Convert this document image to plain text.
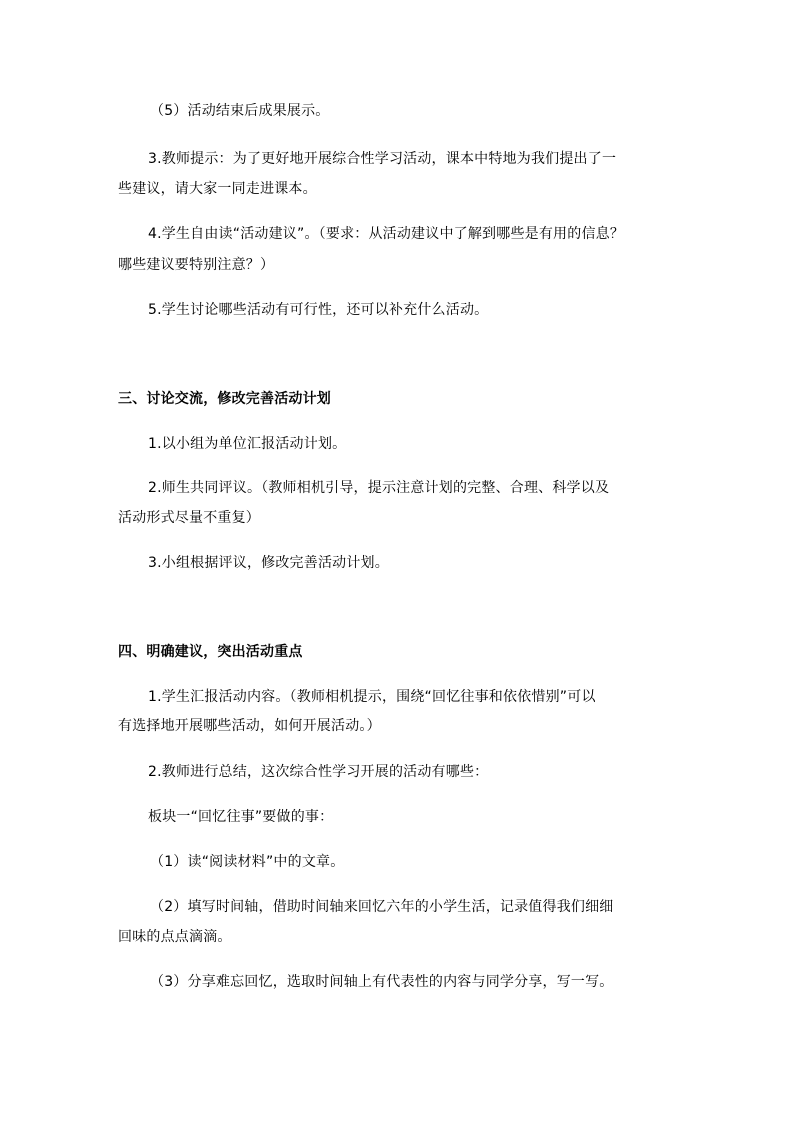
（5）活动结束后成果展示。
3.教师提示：为了更好地开展综合性学习活动，课本中特地为我们提出了一
些建议，请大家一同走进课本。
4.学生自由读“活动建议”。（要求：从活动建议中了解到哪些是有用的信息？
哪些建议要特别注意？）
5.学生讨论哪些活动有可行性，还可以补充什么活动。
三、讨论交流，修改完善活动计划
1.以小组为单位汇报活动计划。
2.师生共同评议。（教师相机引导，提示注意计划的完整、合理、科学以及
活动形式尽量不重复）
3.小组根据评议，修改完善活动计划。
四、明确建议，突出活动重点
1.学生汇报活动内容。（教师相机提示，围绕“回忆往事和依依惜别”可以
有选择地开展哪些活动，如何开展活动。）
2.教师进行总结，这次综合性学习开展的活动有哪些：
板块一“回忆往事”要做的事：
（1）读“阅读材料”中的文章。
（2）填写时间轴，借助时间轴来回忆六年的小学生活，记录值得我们细细
回味的点点滴滴。
（3）分享难忘回忆，选取时间轴上有代表性的内容与同学分享，写一写。
